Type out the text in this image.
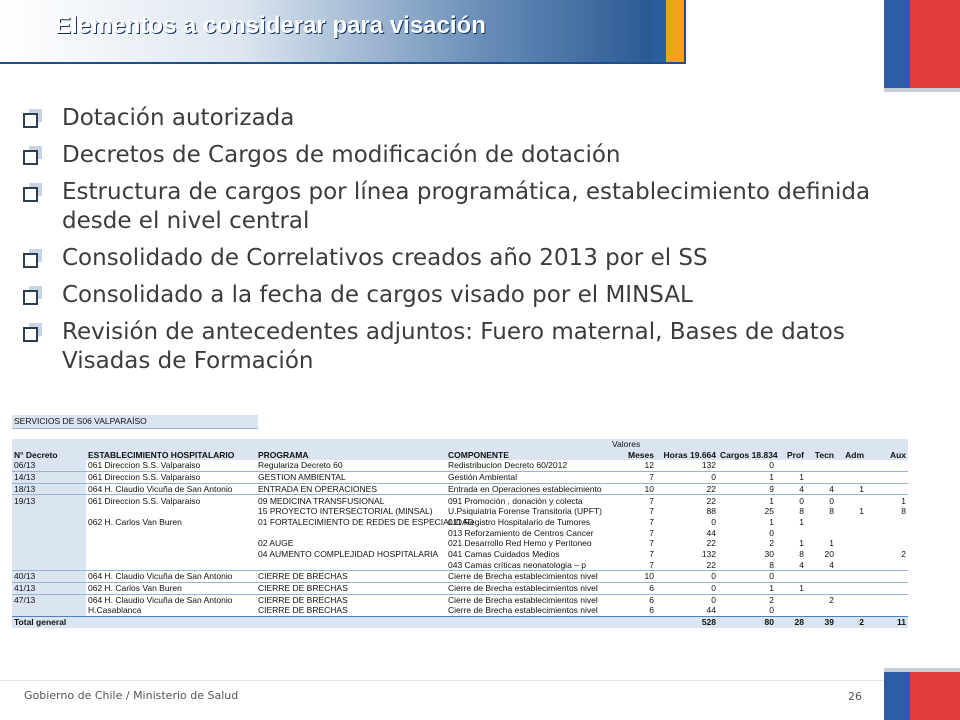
Elementos a considerar para visación
Dotación autorizada
Decretos de Cargos de modificación de dotación
Estructura de cargos por línea programática, establecimiento definida desde el nivel central
Consolidado de Correlativos creados año 2013 por el SS
Consolidado a la fecha de cargos visado por el MINSAL
Revisión de antecedentes adjuntos: Fuero maternal, Bases de datos Visadas de Formación
SERVICIOS DE S06 VALPARAÍSO
				Valores						
N° Decreto	ESTABLECIMIENTO HOSPITALARIO	PROGRAMA	COMPONENTE	Meses	Horas 19.664	Cargos 18.834	Prof	Tecn	Adm	Aux
06/13	061 Direccion S.S. Valparaiso	Regulariza Decreto 60	Redistribucion Decreto 60/2012	12	132	0				
14/13	061 Direccion S.S. Valparaiso	GESTION AMBIENTAL	Gestión Ambiental	7	0	1	1			
18/13	064 H. Claudio Vicuña de San Antonio	ENTRADA EN OPERACIONES	Entrada en Operaciones establecimiento	10	22	9	4	4	1	
19/13	061 Direccion S.S. Valparaiso	09 MEDICINA TRANSFUSIONAL	091 Promoción , donación y colecta	7	22	1	0	0		1
		15 PROYECTO INTERSECTORIAL (MINSAL)	U.Psiquiatria Forense Transitoria (UPFT)	7	88	25	8	8	1	8
	062 H. Carlos Van Buren	01 FORTALECIMIENTO DE REDES DE ESPECIALIDAD	011 Registro Hospitalario de Tumores	7	0	1	1			
			013 Reforzamiento de Centros Cancer	7	44	0				
		02 AUGE	021 Desarrollo Red Hemo y Peritoneo	7	22	2	1	1		
		04 AUMENTO COMPLEJIDAD HOSPITALARIA	041 Camas Cuidados Medios	7	132	30	8	20		2
			043 Camas críticas neonatologia – p	7	22	8	4	4		
40/13	064 H. Claudio Vicuña de San Antonio	CIERRE DE BRECHAS	Cierre de Brecha establecimientos nivel	10	0	0				
41/13	062 H. Carlos Van Buren	CIERRE DE BRECHAS	Cierre de Brecha establecimientos nivel	6	0	1	1			
47/13	064 H. Claudio Vicuña de San Antonio	CIERRE DE BRECHAS	Cierre de Brecha establecimientos nivel	6	0	2		2		
	H.Casablanca	CIERRE DE BRECHAS	Cierre de Brecha establecimientos nivel	6	44	0				
Total general					528	80	28	39	2	11
Gobierno de Chile / Ministerio de Salud	26
